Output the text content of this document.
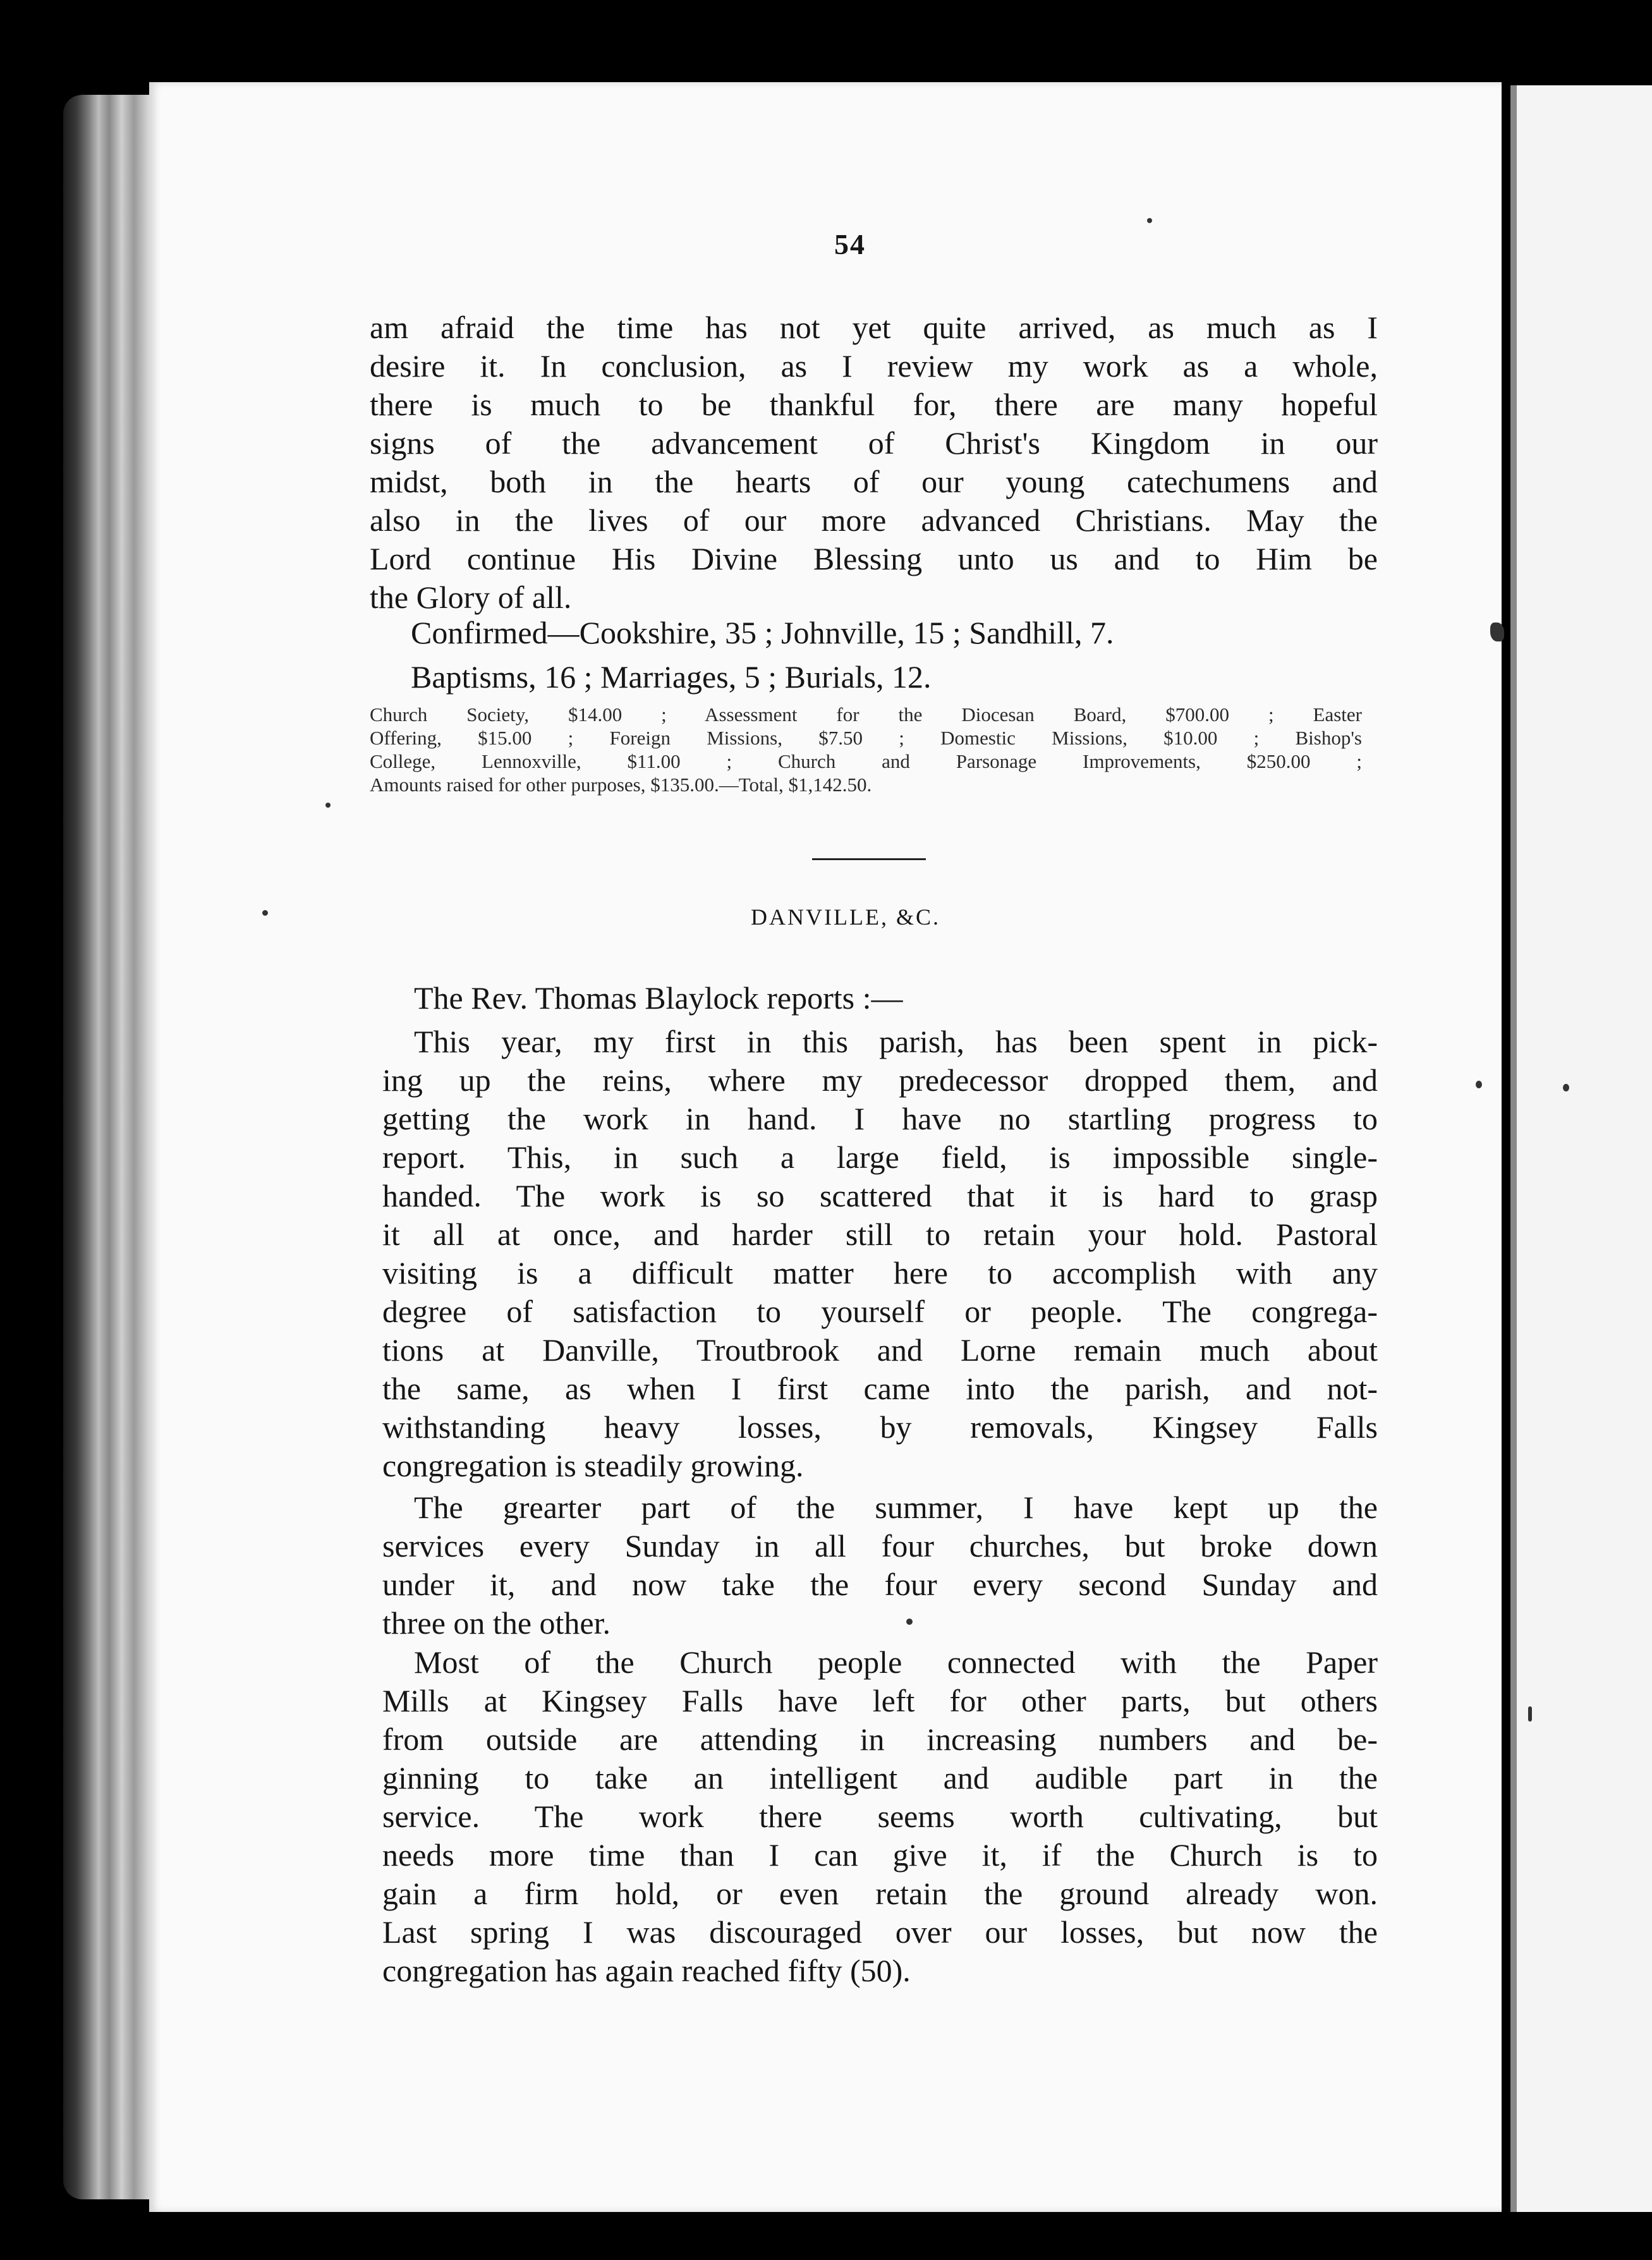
54
am afraid the time has not yet quite arrived, as much as I
desire it. In conclusion, as I review my work as a whole,
there is much to be thankful for, there are many hopeful
signs of the advancement of Christ's Kingdom in our
midst, both in the hearts of our young catechumens and
also in the lives of our more advanced Christians. May the
Lord continue His Divine Blessing unto us and to Him be
the Glory of all.
Confirmed—Cookshire, 35 ; Johnville, 15 ; Sandhill, 7.
Baptisms, 16 ; Marriages, 5 ; Burials, 12.
Church Society, $14.00 ; Assessment for the Diocesan Board, $700.00 ; Easter
Offering, $15.00 ; Foreign Missions, $7.50 ; Domestic Missions, $10.00 ; Bishop's
College, Lennoxville, $11.00 ; Church and Parsonage Improvements, $250.00 ;
Amounts raised for other purposes, $135.00.—Total, $1,142.50.
DANVILLE, &C.
The Rev. Thomas Blaylock reports :—
This year, my first in this parish, has been spent in pick-
ing up the reins, where my predecessor dropped them, and
getting the work in hand. I have no startling progress to
report. This, in such a large field, is impossible single-
handed. The work is so scattered that it is hard to grasp
it all at once, and harder still to retain your hold. Pastoral
visiting is a difficult matter here to accomplish with any
degree of satisfaction to yourself or people. The congrega-
tions at Danville, Troutbrook and Lorne remain much about
the same, as when I first came into the parish, and not-
withstanding heavy losses, by removals, Kingsey Falls
congregation is steadily growing.
The grearter part of the summer, I have kept up the
services every Sunday in all four churches, but broke down
under it, and now take the four every second Sunday and
three on the other.
Most of the Church people connected with the Paper
Mills at Kingsey Falls have left for other parts, but others
from outside are attending in increasing numbers and be-
ginning to take an intelligent and audible part in the
service. The work there seems worth cultivating, but
needs more time than I can give it, if the Church is to
gain a firm hold, or even retain the ground already won.
Last spring I was discouraged over our losses, but now the
congregation has again reached fifty (50).
